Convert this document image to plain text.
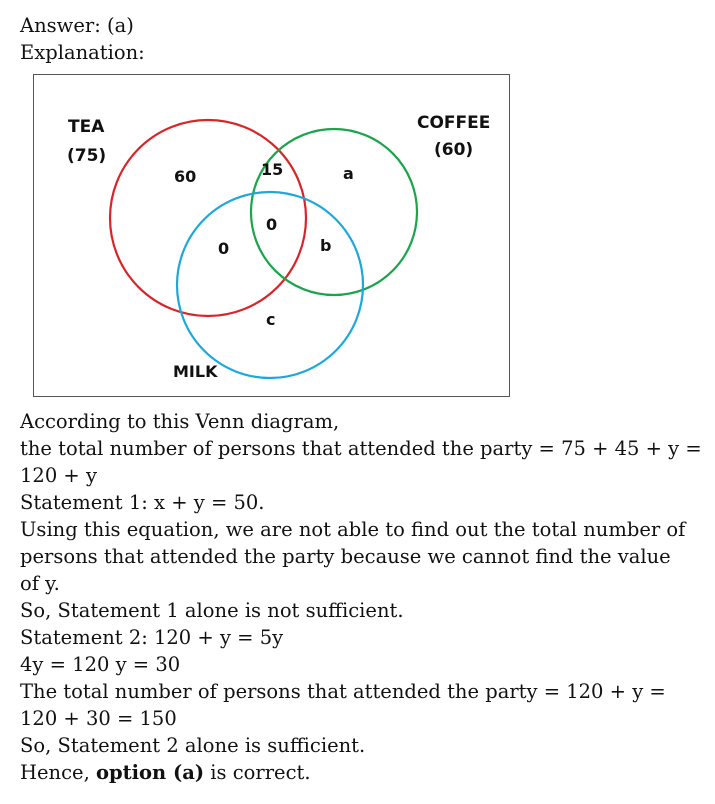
Answer: (a)

Explanation:

TEA
(75)
COFFEE
(60)
MILK
60	15	a
0
0	b
c

According to this Venn diagram,

the total number of persons that attended the party = 75 + 45 + y =

120 + y

Statement 1: x + y = 50.

Using this equation, we are not able to find out the total number of

persons that attended the party because we cannot find the value

of y.

So, Statement 1 alone is not sufficient.

Statement 2: 120 + y = 5y

4y = 120 y = 30

The total number of persons that attended the party = 120 + y =

120 + 30 = 150

So, Statement 2 alone is sufficient.

Hence, option (a) is correct.
